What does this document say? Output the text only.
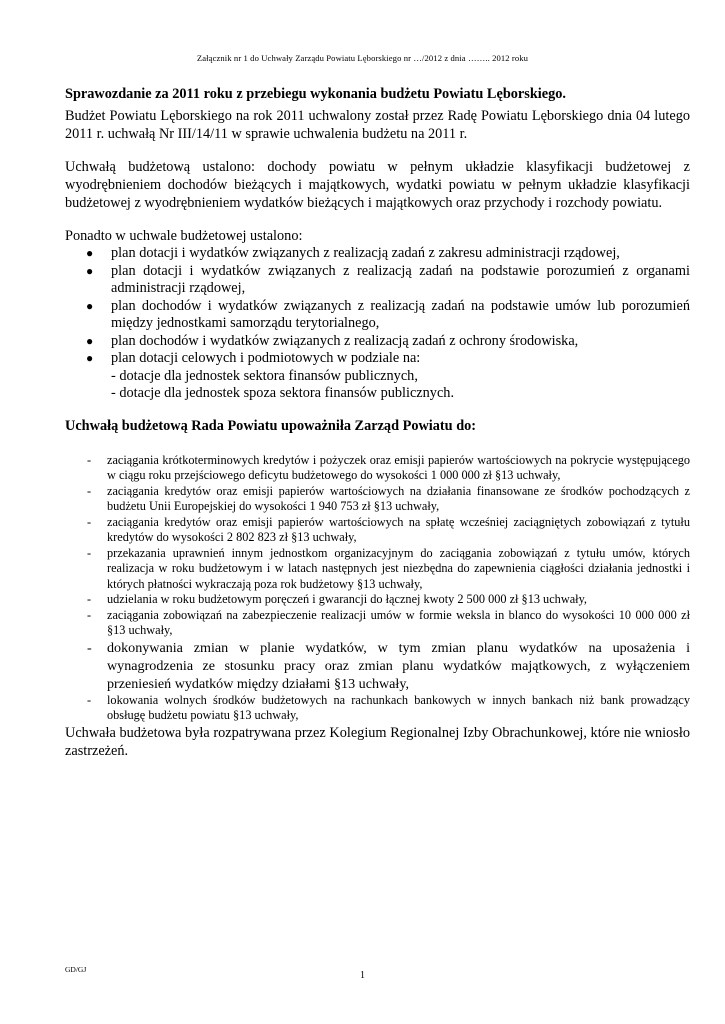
Załącznik nr 1 do Uchwały Zarządu Powiatu Lęborskiego nr …/2012 z dnia …….. 2012 roku
Sprawozdanie za 2011 roku z przebiegu wykonania budżetu Powiatu Lęborskiego.

Budżet Powiatu Lęborskiego na rok 2011 uchwalony został przez Radę Powiatu Lęborskiego dnia 04 lutego 2011 r. uchwałą Nr III/14/11 w sprawie uchwalenia budżetu na 2011 r.

Uchwałą budżetową ustalono: dochody powiatu w pełnym układzie klasyfikacji budżetowej z wyodrębnieniem dochodów bieżących i majątkowych, wydatki powiatu w pełnym układzie klasyfikacji budżetowej z wyodrębnieniem wydatków bieżących i majątkowych oraz przychody i rozchody powiatu.

Ponadto w uchwale budżetowej ustalono:

● plan dotacji i wydatków związanych z realizacją zadań z zakresu administracji rządowej,
● plan dotacji i wydatków związanych z realizacją zadań na podstawie porozumień z organami administracji rządowej,
● plan dochodów i wydatków związanych z realizacją zadań na podstawie umów lub porozumień między jednostkami samorządu terytorialnego,
● plan dochodów i wydatków związanych z realizacją zadań z ochrony środowiska,
● plan dotacji celowych i podmiotowych w podziale na:
- dotacje dla jednostek sektora finansów publicznych,
- dotacje dla jednostek spoza sektora finansów publicznych.
Uchwałą budżetową Rada Powiatu upoważniła Zarząd Powiatu do:
- zaciągania krótkoterminowych kredytów i pożyczek oraz emisji papierów wartościowych na pokrycie występującego w ciągu roku przejściowego deficytu budżetowego do wysokości 1 000 000 zł §13 uchwały,
- zaciągania kredytów oraz emisji papierów wartościowych na działania finansowane ze środków pochodzących z budżetu Unii Europejskiej do wysokości 1 940 753 zł §13 uchwały,
- zaciągania kredytów oraz emisji papierów wartościowych na spłatę wcześniej zaciągniętych zobowiązań z tytułu kredytów do wysokości 2 802 823 zł §13 uchwały,
- przekazania uprawnień innym jednostkom organizacyjnym do zaciągania zobowiązań z tytułu umów, których realizacja w roku budżetowym i w latach następnych jest niezbędna do zapewnienia ciągłości działania jednostki i których płatności wykraczają poza rok budżetowy §13 uchwały,
- udzielania w roku budżetowym poręczeń i gwarancji do łącznej kwoty 2 500 000 zł §13 uchwały,
- zaciągania zobowiązań na zabezpieczenie realizacji umów w formie weksla in blanco do wysokości 10 000 000 zł §13 uchwały,
- dokonywania zmian w planie wydatków, w tym zmian planu wydatków na uposażenia i wynagrodzenia ze stosunku pracy oraz zmian planu wydatków majątkowych, z wyłączeniem przeniesień wydatków między działami §13 uchwały,
- lokowania wolnych środków budżetowych na rachunkach bankowych w innych bankach niż bank prowadzący obsługę budżetu powiatu §13 uchwały,

Uchwała budżetowa była rozpatrywana przez Kolegium Regionalnej Izby Obrachunkowej, które nie wniosło zastrzeżeń.

GD/GJ
1
